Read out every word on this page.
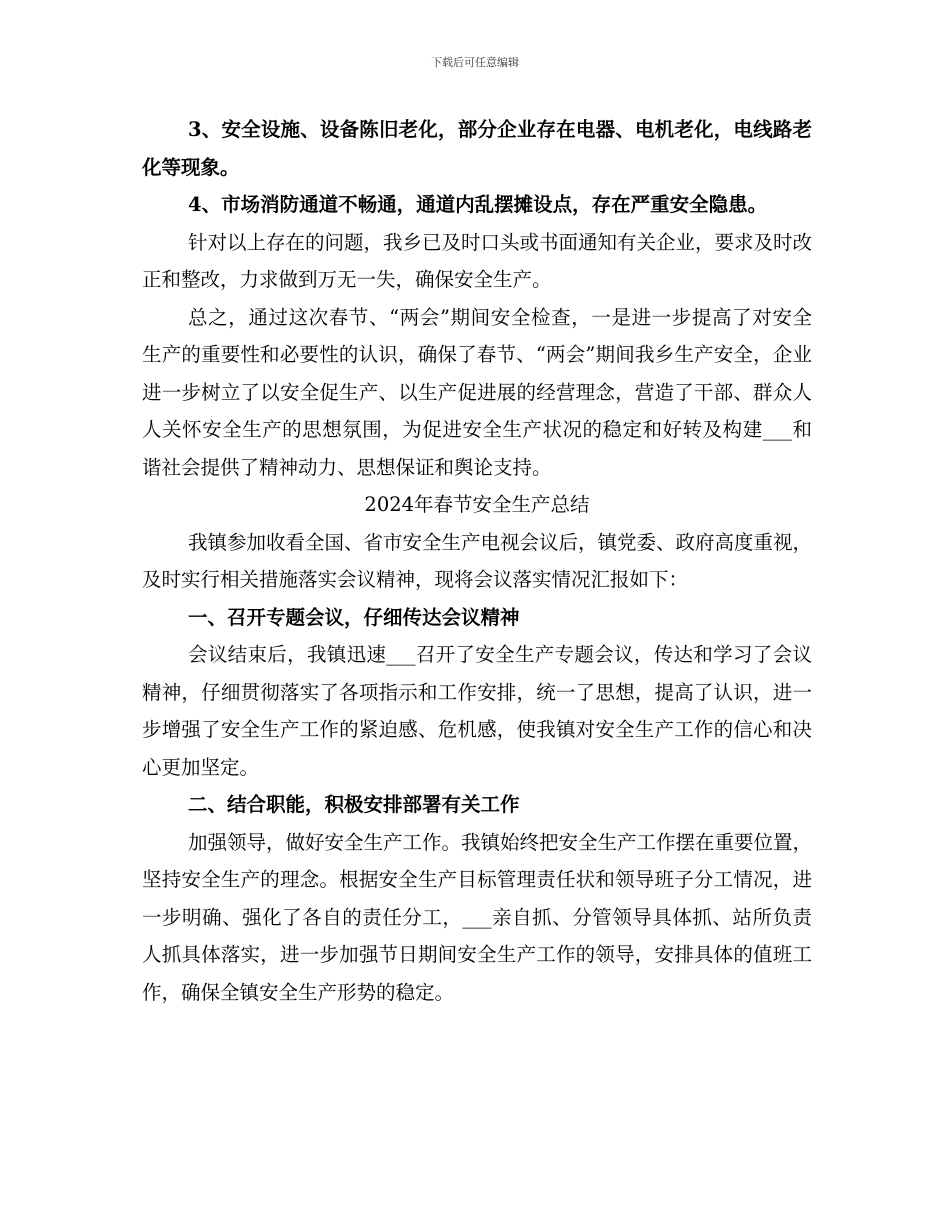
下载后可任意编辑

3、安全设施、设备陈旧老化，部分企业存在电器、电机老化，电线路老化等现象。

4、市场消防通道不畅通，通道内乱摆摊设点，存在严重安全隐患。

针对以上存在的问题，我乡已及时口头或书面通知有关企业，要求及时改正和整改，力求做到万无一失，确保安全生产。

总之，通过这次春节、“两会”期间安全检查，一是进一步提高了对安全生产的重要性和必要性的认识，确保了春节、“两会”期间我乡生产安全，企业进一步树立了以安全促生产、以生产促进展的经营理念，营造了干部、群众人人关怀安全生产的思想氛围，为促进安全生产状况的稳定和好转及构建___和谐社会提供了精神动力、思想保证和舆论支持。

2024年春节安全生产总结

我镇参加收看全国、省市安全生产电视会议后，镇党委、政府高度重视，及时实行相关措施落实会议精神，现将会议落实情况汇报如下：

一、召开专题会议，仔细传达会议精神

会议结束后，我镇迅速___召开了安全生产专题会议，传达和学习了会议精神，仔细贯彻落实了各项指示和工作安排，统一了思想，提高了认识，进一步增强了安全生产工作的紧迫感、危机感，使我镇对安全生产工作的信心和决心更加坚定。

二、结合职能，积极安排部署有关工作

加强领导，做好安全生产工作。我镇始终把安全生产工作摆在重要位置，坚持安全生产的理念。根据安全生产目标管理责任状和领导班子分工情况，进一步明确、强化了各自的责任分工，___亲自抓、分管领导具体抓、站所负责人抓具体落实，进一步加强节日期间安全生产工作的领导，安排具体的值班工作，确保全镇安全生产形势的稳定。
